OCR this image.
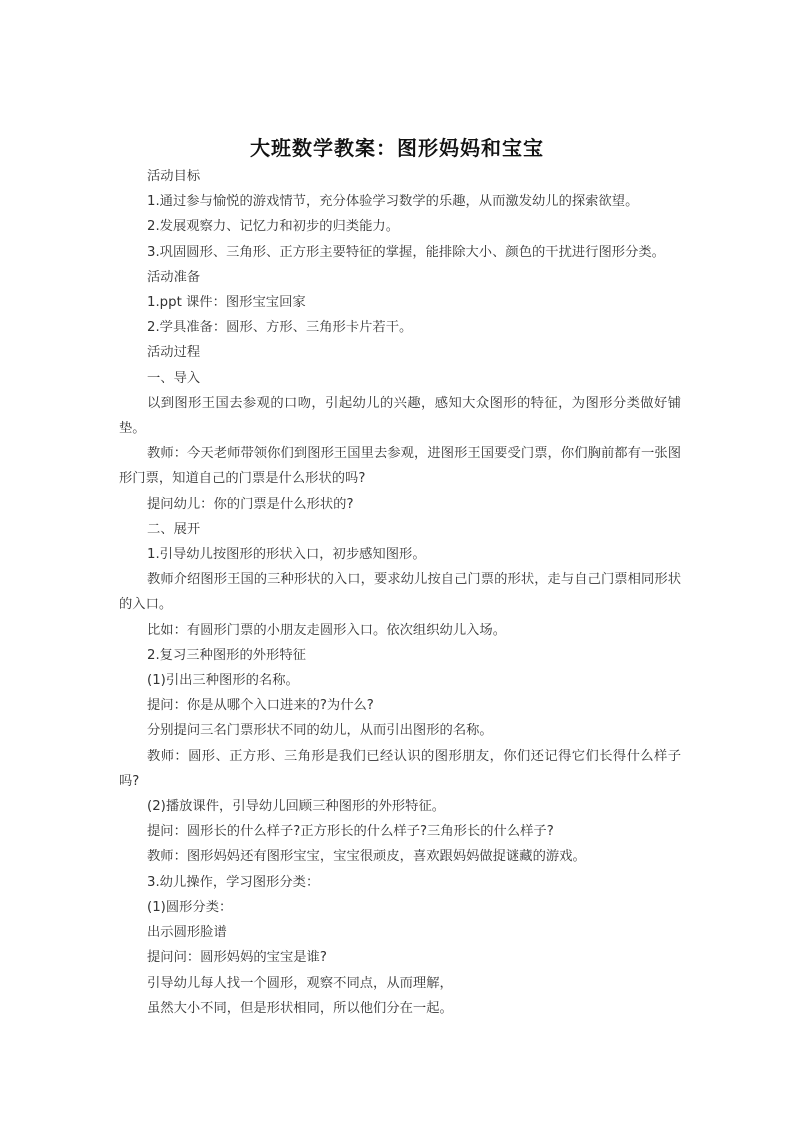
大班数学教案：图形妈妈和宝宝

活动目标

1.通过参与愉悦的游戏情节，充分体验学习数学的乐趣，从而激发幼儿的探索欲望。

2.发展观察力、记忆力和初步的归类能力。

3.巩固圆形、三角形、正方形主要特征的掌握，能排除大小、颜色的干扰进行图形分类。

活动准备

1.ppt 课件：图形宝宝回家

2.学具准备：圆形、方形、三角形卡片若干。

活动过程

一、导入

以到图形王国去参观的口吻，引起幼儿的兴趣，感知大众图形的特征，为图形分类做好铺垫。

教师：今天老师带领你们到图形王国里去参观，进图形王国要受门票，你们胸前都有一张图形门票，知道自己的门票是什么形状的吗?

提问幼儿：你的门票是什么形状的?

二、展开

1.引导幼儿按图形的形状入口，初步感知图形。

教师介绍图形王国的三种形状的入口，要求幼儿按自己门票的形状，走与自己门票相同形状的入口。

比如：有圆形门票的小朋友走圆形入口。依次组织幼儿入场。

2.复习三种图形的外形特征

(1)引出三种图形的名称。

提问：你是从哪个入口进来的?为什么?

分别提问三名门票形状不同的幼儿，从而引出图形的名称。

教师：圆形、正方形、三角形是我们已经认识的图形朋友，你们还记得它们长得什么样子吗?

(2)播放课件，引导幼儿回顾三种图形的外形特征。

提问：圆形长的什么样子?正方形长的什么样子?三角形长的什么样子?

教师：图形妈妈还有图形宝宝，宝宝很顽皮，喜欢跟妈妈做捉谜藏的游戏。

3.幼儿操作，学习图形分类：

(1)圆形分类：

出示圆形脸谱

提问问：圆形妈妈的宝宝是谁?

引导幼儿每人找一个圆形，观察不同点，从而理解，

虽然大小不同，但是形状相同，所以他们分在一起。
